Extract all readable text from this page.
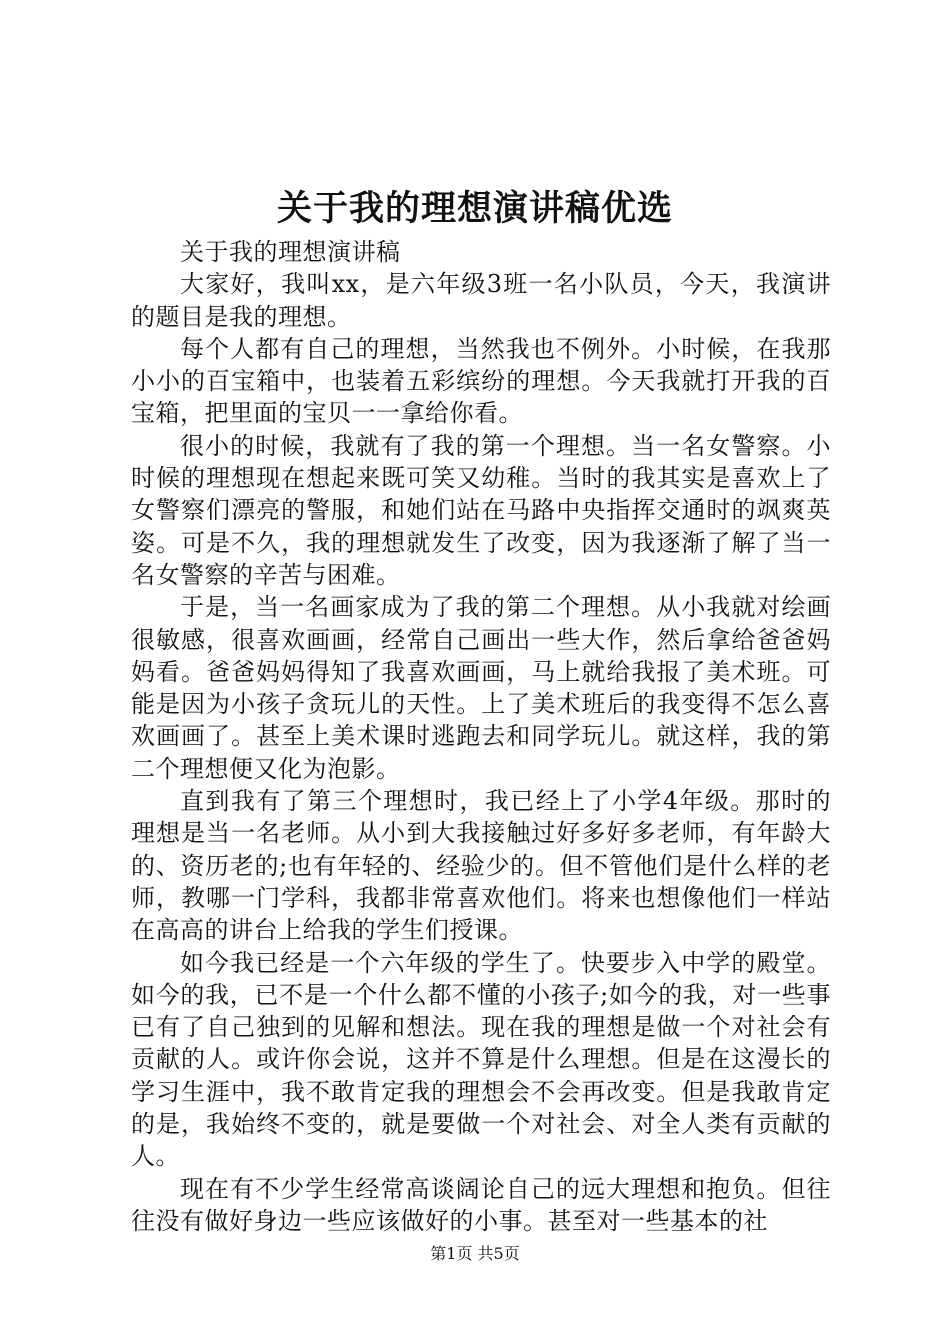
关于我的理想演讲稿优选

关于我的理想演讲稿

大家好，我叫xx，是六年级3班一名小队员，今天，我演讲的题目是我的理想。

每个人都有自己的理想，当然我也不例外。小时候，在我那小小的百宝箱中，也装着五彩缤纷的理想。今天我就打开我的百宝箱，把里面的宝贝一一拿给你看。

很小的时候，我就有了我的第一个理想。当一名女警察。小时候的理想现在想起来既可笑又幼稚。当时的我其实是喜欢上了女警察们漂亮的警服，和她们站在马路中央指挥交通时的飒爽英姿。可是不久，我的理想就发生了改变，因为我逐渐了解了当一名女警察的辛苦与困难。

于是，当一名画家成为了我的第二个理想。从小我就对绘画很敏感，很喜欢画画，经常自己画出一些大作，然后拿给爸爸妈妈看。爸爸妈妈得知了我喜欢画画，马上就给我报了美术班。可能是因为小孩子贪玩儿的天性。上了美术班后的我变得不怎么喜欢画画了。甚至上美术课时逃跑去和同学玩儿。就这样，我的第二个理想便又化为泡影。

直到我有了第三个理想时，我已经上了小学4年级。那时的理想是当一名老师。从小到大我接触过好多好多老师，有年龄大的、资历老的;也有年轻的、经验少的。但不管他们是什么样的老师，教哪一门学科，我都非常喜欢他们。将来也想像他们一样站在高高的讲台上给我的学生们授课。

如今我已经是一个六年级的学生了。快要步入中学的殿堂。如今的我，已不是一个什么都不懂的小孩子;如今的我，对一些事已有了自己独到的见解和想法。现在我的理想是做一个对社会有贡献的人。或许你会说，这并不算是什么理想。但是在这漫长的学习生涯中，我不敢肯定我的理想会不会再改变。但是我敢肯定的是，我始终不变的，就是要做一个对社会、对全人类有贡献的人。

现在有不少学生经常高谈阔论自己的远大理想和抱负。但往往没有做好身边一些应该做好的小事。甚至对一些基本的社

第1页 共5页
